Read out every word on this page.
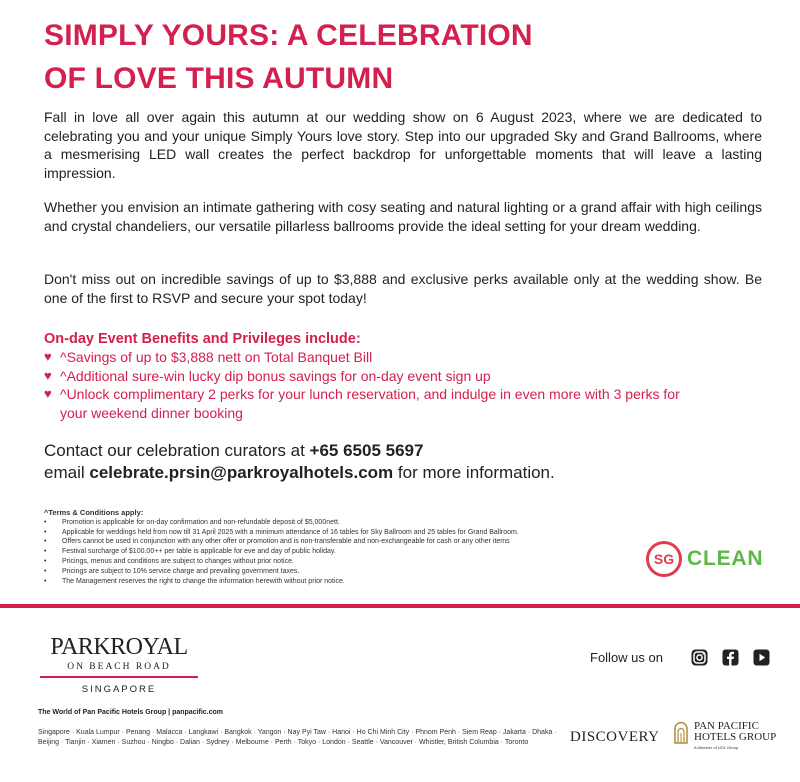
SIMPLY YOURS: A CELEBRATION
OF LOVE THIS AUTUMN

Fall in love all over again this autumn at our wedding show on 6 August 2023, where we are dedicated to celebrating you and your unique Simply Yours love story. Step into our upgraded Sky and Grand Ballrooms, where a mesmerising LED wall creates the perfect backdrop for unforgettable moments that will leave a lasting impression.

Whether you envision an intimate gathering with cosy seating and natural lighting or a grand affair with high ceilings and crystal chandeliers, our versatile pillarless ballrooms provide the ideal setting for your dream wedding.

Don't miss out on incredible savings of up to $3,888 and exclusive perks available only at the wedding show. Be one of the first to RSVP and secure your spot today!

On-day Event Benefits and Privileges include:
♥ ^Savings of up to $3,888 nett on Total Banquet Bill
♥ ^Additional sure-win lucky dip bonus savings for on-day event sign up
♥ ^Unlock complimentary 2 perks for your lunch reservation, and indulge in even more with 3 perks for your weekend dinner booking
Contact our celebration curators at +65 6505 5697
email celebrate.prsin@parkroyalhotels.com for more information.
^Terms & Conditions apply:
• Promotion is applicable for on-day confirmation and non-refundable deposit of $5,000nett.
• Applicable for weddings held from now till 31 April 2025 with a minimum attendance of 16 tables for Sky Ballroom and 25 tables for Grand Ballroom.
• Offers cannot be used in conjunction with any other offer or promotion and is non-transferable and non-exchangeable for cash or any other items
• Festival surcharge of $100.00++ per table is applicable for eve and day of public holiday.
• Pricings, menus and conditions are subject to changes without prior notice.
• Pricings are subject to 10% service charge and prevailing government taxes.
• The Management reserves the right to change the information herewith without prior notice.
SG CLEAN
PARKROYAL
ON BEACH ROAD
SINGAPORE
Follow us on
The World of Pan Pacific Hotels Group | panpacific.com
Singapore · Kuala Lumpur · Penang · Malacca · Langkawi · Bangkok · Yangon · Nay Pyi Taw · Hanoi · Ho Chi Minh City · Phnom Penh · Siem Reap · Jakarta · Dhaka · Beijing · Tianjin · Xiamen · Suzhou · Ningbo · Dalian · Sydney · Melbourne · Perth · Tokyo · London · Seattle · Vancouver · Whistler, British Columbia · Toronto	DISCOVERY
PAN PACIFIC
HOTELS GROUP
A Member of UOL Group
